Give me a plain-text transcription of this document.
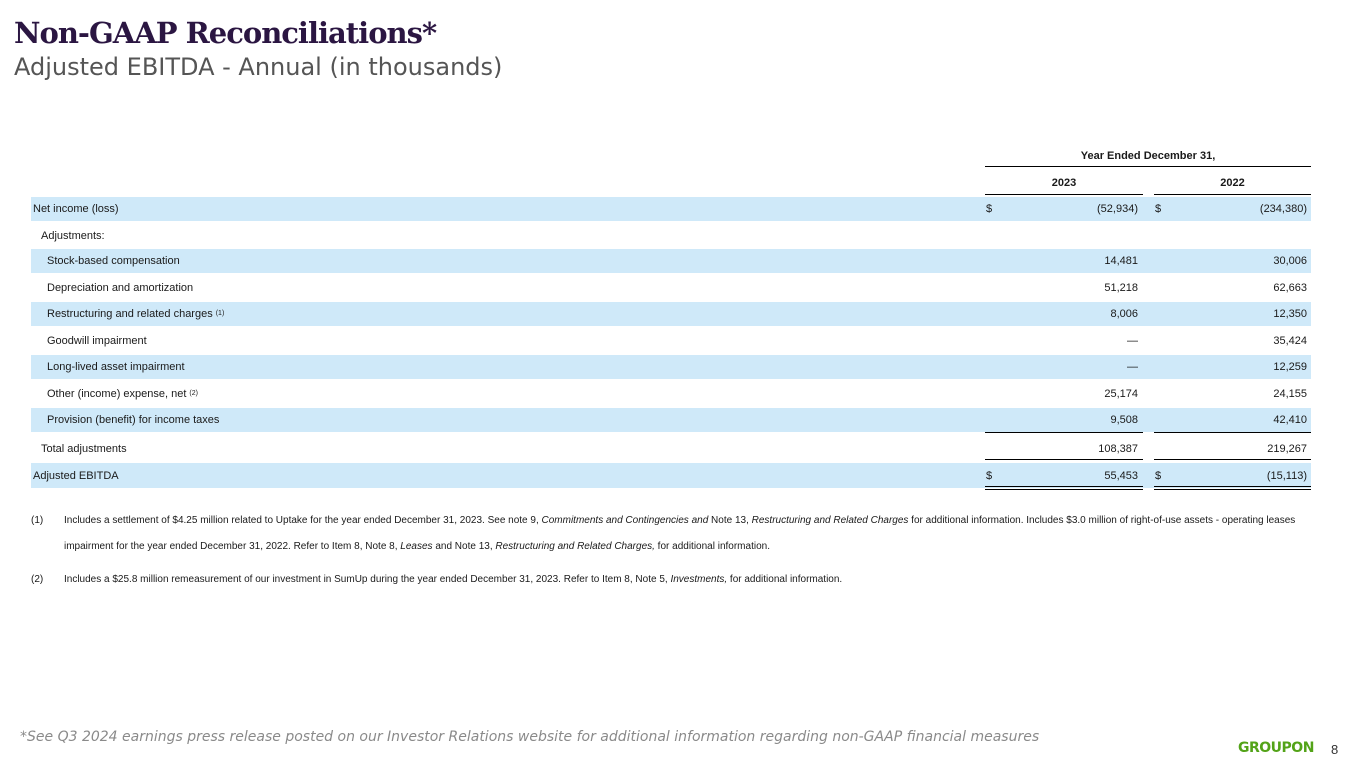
Non-GAAP Reconciliations*
Adjusted EBITDA - Annual (in thousands)
Year Ended December 31,
2023	2022
Net income (loss)	$	(52,934) $	(234,380)
Adjustments:
Stock-based compensation	14,481	30,006
Depreciation and amortization	51,218	62,663
Restructuring and related charges (1)	8,006	12,350
Goodwill impairment	—	35,424
Long-lived asset impairment	—	12,259
Other (income) expense, net (2)	25,174	24,155
Provision (benefit) for income taxes	9,508	42,410
Total adjustments	108,387	219,267
Adjusted EBITDA	$	55,453 $	(15,113)
(1) Includes a settlement of $4.25 million related to Uptake for the year ended December 31, 2023. See note 9, Commitments and Contingencies and Note 13, Restructuring and Related Charges for additional information. Includes $3.0 million of right-of-use assets - operating leases impairment for the year ended December 31, 2022. Refer to Item 8, Note 8, Leases and Note 13, Restructuring and Related Charges, for additional information.
(2) Includes a $25.8 million remeasurement of our investment in SumUp during the year ended December 31, 2023. Refer to Item 8, Note 5, Investments, for additional information.
*See Q3 2024 earnings press release posted on our Investor Relations website for additional information regarding non-GAAP financial measures
GROUPON 8
